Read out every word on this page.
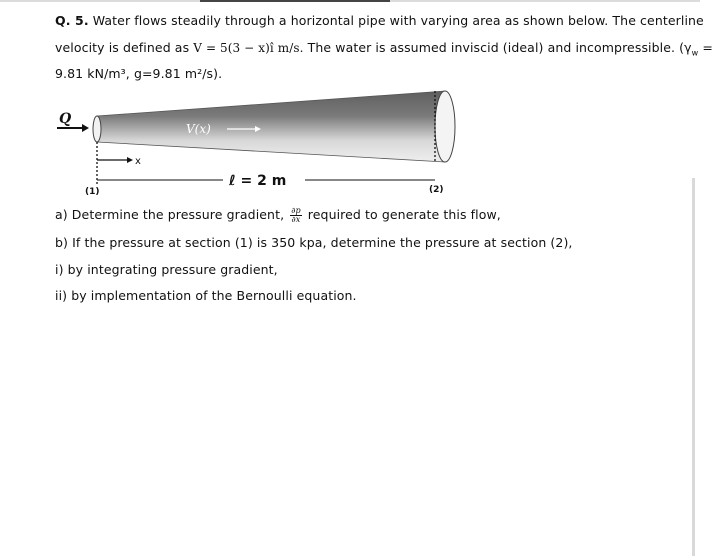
Q. 5. Water flows steadily through a horizontal pipe with varying area as shown below. The centerline
velocity is defined as V = 5(3 − x)î m/s. The water is assumed inviscid (ideal) and incompressible. ($\gamma_w$ =
9.81 kN/m³, g=9.81 m²/s).
Q
V(x)
x
ℓ = 2 m
(1)	(2)
a) Determine the pressure gradient, $\frac{\partial p}{\partial x}$ required to generate this flow,
b) If the pressure at section (1) is 350 kpa, determine the pressure at section (2),
i) by integrating pressure gradient,
ii) by implementation of the Bernoulli equation.
